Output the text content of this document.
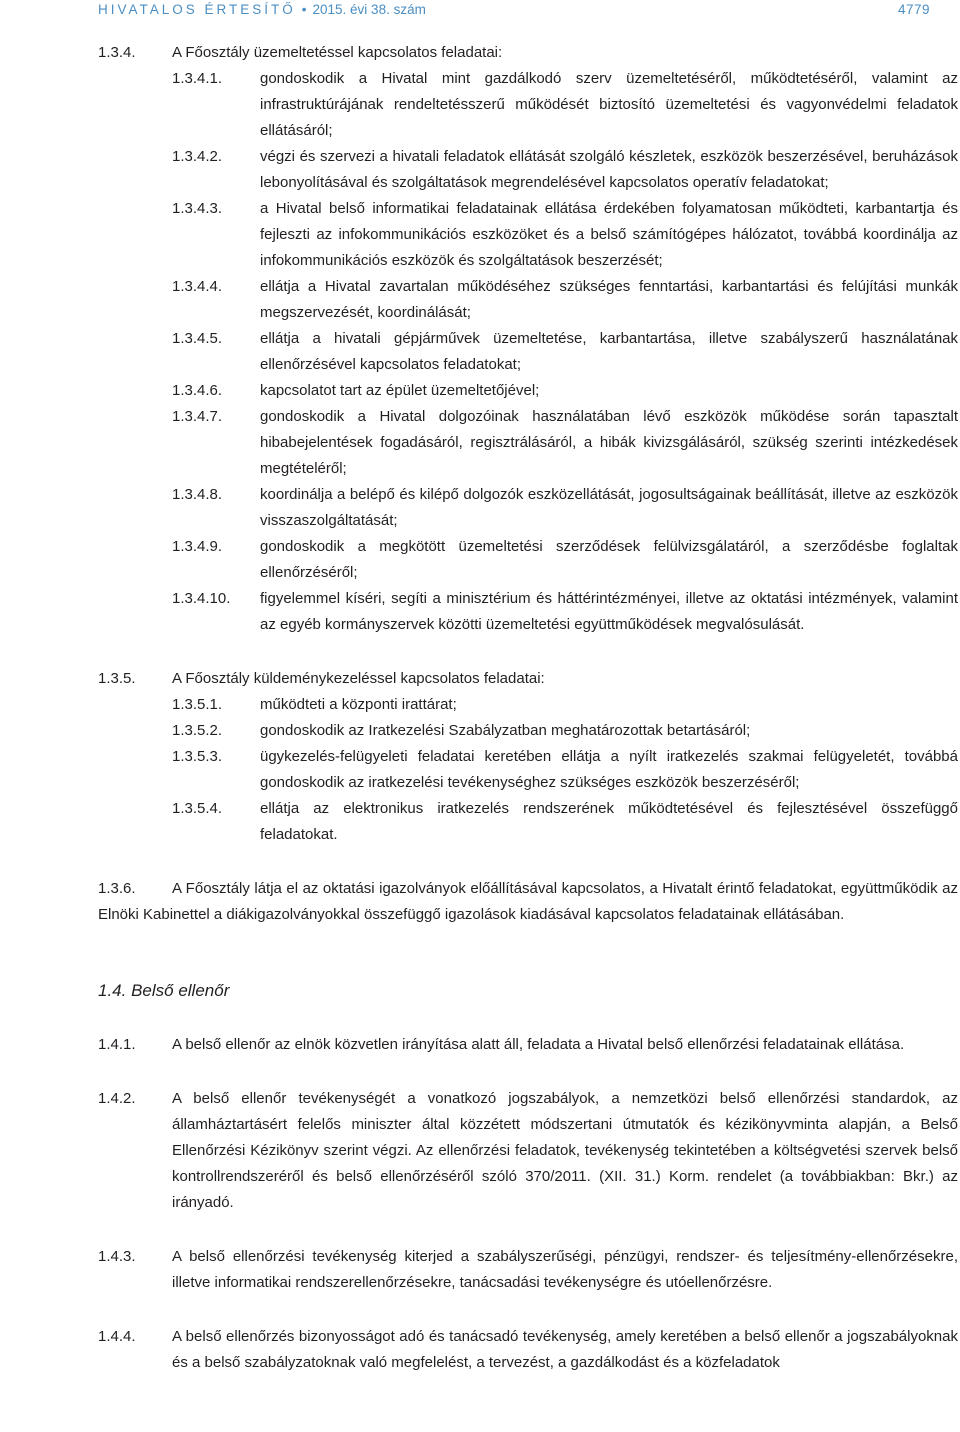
HIVATALOS ÉRTESÍTŐ • 2015. évi 38. szám	4779
1.3.4. A Főosztály üzemeltetéssel kapcsolatos feladatai:
1.3.4.1.	gondoskodik a Hivatal mint gazdálkodó szerv üzemeltetéséről, működtetéséről, valamint az infrastruktúrájának rendeltetésszerű működését biztosító üzemeltetési és vagyonvédelmi feladatok ellátásáról;
1.3.4.2.	végzi és szervezi a hivatali feladatok ellátását szolgáló készletek, eszközök beszerzésével, beruházások lebonyolításával és szolgáltatások megrendelésével kapcsolatos operatív feladatokat;
1.3.4.3.	a Hivatal belső informatikai feladatainak ellátása érdekében folyamatosan működteti, karbantartja és fejleszti az infokommunikációs eszközöket és a belső számítógépes hálózatot, továbbá koordinálja az infokommunikációs eszközök és szolgáltatások beszerzését;
1.3.4.4.	ellátja a Hivatal zavartalan működéséhez szükséges fenntartási, karbantartási és felújítási munkák megszervezését, koordinálását;
1.3.4.5.	ellátja a hivatali gépjárművek üzemeltetése, karbantartása, illetve szabályszerű használatának ellenőrzésével kapcsolatos feladatokat;
1.3.4.6.	kapcsolatot tart az épület üzemeltetőjével;
1.3.4.7.	gondoskodik a Hivatal dolgozóinak használatában lévő eszközök működése során tapasztalt hibabejelentések fogadásáról, regisztrálásáról, a hibák kivizsgálásáról, szükség szerinti intézkedések megtételéről;
1.3.4.8.	koordinálja a belépő és kilépő dolgozók eszközellátását, jogosultságainak beállítását, illetve az eszközök visszaszolgáltatását;
1.3.4.9.	gondoskodik a megkötött üzemeltetési szerződések felülvizsgálatáról, a szerződésbe foglaltak ellenőrzéséről;
1.3.4.10. figyelemmel kíséri, segíti a minisztérium és háttérintézményei, illetve az oktatási intézmények, valamint az egyéb kormányszervek közötti üzemeltetési együttműködések megvalósulását.
1.3.5. A Főosztály küldeménykezeléssel kapcsolatos feladatai:
1.3.5.1.	működteti a központi irattárat;
1.3.5.2.	gondoskodik az Iratkezelési Szabályzatban meghatározottak betartásáról;
1.3.5.3.	ügykezelés-felügyeleti feladatai keretében ellátja a nyílt iratkezelés szakmai felügyeletét, továbbá gondoskodik az iratkezelési tevékenységhez szükséges eszközök beszerzéséről;
1.3.5.4.	ellátja az elektronikus iratkezelés rendszerének működtetésével és fejlesztésével összefüggő feladatokat.
1.3.6.	A Főosztály látja el az oktatási igazolványok előállításával kapcsolatos, a Hivatalt érintő feladatokat, együttműködik az Elnöki Kabinettel a diákigazolványokkal összefüggő igazolások kiadásával kapcsolatos feladatainak ellátásában.
1.4. Belső ellenőr
1.4.1. A belső ellenőr az elnök közvetlen irányítása alatt áll, feladata a Hivatal belső ellenőrzési feladatainak ellátása.
1.4.2. A belső ellenőr tevékenységét a vonatkozó jogszabályok, a nemzetközi belső ellenőrzési standardok, az államháztartásért felelős miniszter által közzétett módszertani útmutatók és kézikönyvminta alapján, a Belső Ellenőrzési Kézikönyv szerint végzi. Az ellenőrzési feladatok, tevékenység tekintetében a költségvetési szervek belső kontrollrendszeréről és belső ellenőrzéséről szóló 370/2011. (XII. 31.) Korm. rendelet (a továbbiakban: Bkr.) az irányadó.
1.4.3. A belső ellenőrzési tevékenység kiterjed a szabályszerűségi, pénzügyi, rendszer- és teljesítmény-ellenőrzésekre, illetve informatikai rendszerellenőrzésekre, tanácsadási tevékenységre és utóellenőrzésre.
1.4.4. A belső ellenőrzés bizonyosságot adó és tanácsadó tevékenység, amely keretében a belső ellenőr a jogszabályoknak és a belső szabályzatoknak való megfelelést, a tervezést, a gazdálkodást és a közfeladatok
